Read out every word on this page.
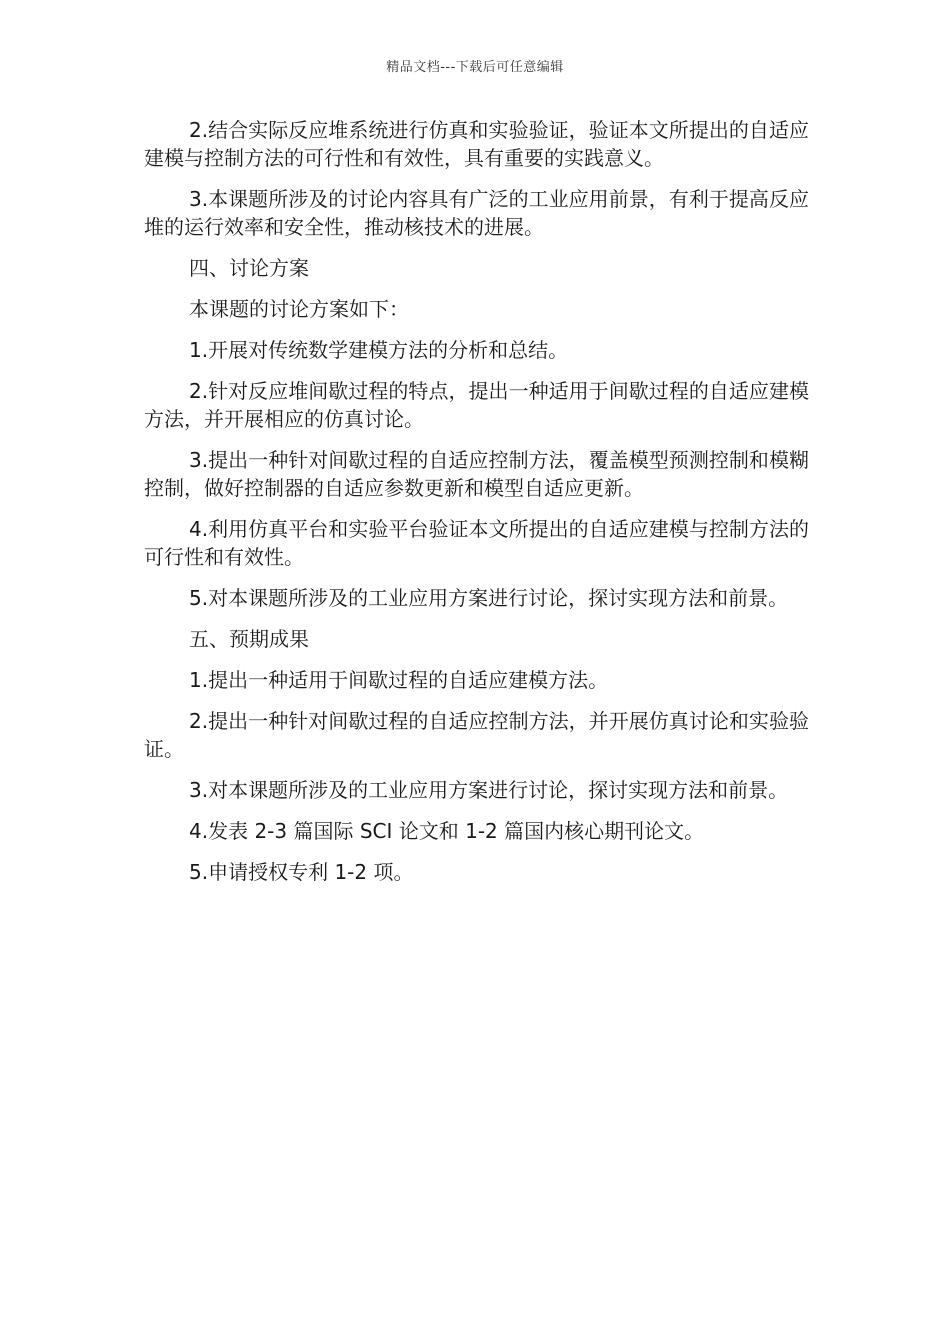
精品文档---下载后可任意编辑

2.结合实际反应堆系统进行仿真和实验验证，验证本文所提出的自适应建模与控制方法的可行性和有效性，具有重要的实践意义。

3.本课题所涉及的讨论内容具有广泛的工业应用前景，有利于提高反应堆的运行效率和安全性，推动核技术的进展。

四、讨论方案

本课题的讨论方案如下：

1.开展对传统数学建模方法的分析和总结。

2.针对反应堆间歇过程的特点，提出一种适用于间歇过程的自适应建模方法，并开展相应的仿真讨论。

3.提出一种针对间歇过程的自适应控制方法，覆盖模型预测控制和模糊控制，做好控制器的自适应参数更新和模型自适应更新。

4.利用仿真平台和实验平台验证本文所提出的自适应建模与控制方法的可行性和有效性。

5.对本课题所涉及的工业应用方案进行讨论，探讨实现方法和前景。

五、预期成果

1.提出一种适用于间歇过程的自适应建模方法。

2.提出一种针对间歇过程的自适应控制方法，并开展仿真讨论和实验验证。

3.对本课题所涉及的工业应用方案进行讨论，探讨实现方法和前景。

4.发表 2-3 篇国际 SCI 论文和 1-2 篇国内核心期刊论文。

5.申请授权专利 1-2 项。
